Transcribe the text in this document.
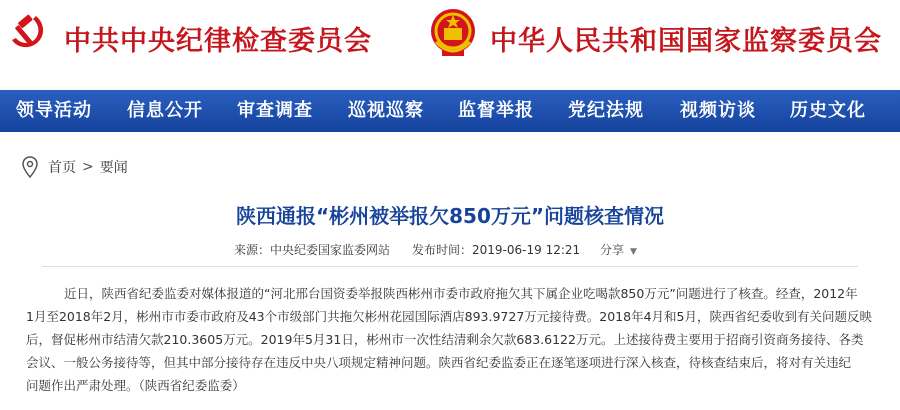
中共中央纪律检查委员会	中华人民共和国国家监察委员会
领导活动 信息公开 审查调查 巡视巡察 监督举报 党纪法规 视频访谈 历史文化
首页 > 要闻
陕西通报“彬州被举报欠850万元”问题核查情况
来源：中央纪委国家监委网站 发布时间：2019-06-19 12:21 分享 ▼
近日，陕西省纪委监委对媒体报道的“河北邢台国资委举报陕西彬州市委市政府拖欠其下属企业吃喝款850万元”问题进行了核查。经查，2012年
1月至2018年2月，彬州市市委市政府及43个市级部门共拖欠彬州花园国际酒店893.9727万元接待费。2018年4月和5月，陕西省纪委收到有关问题反映
后，督促彬州市结清欠款210.3605万元。2019年5月31日，彬州市一次性结清剩余欠款683.6122万元。上述接待费主要用于招商引资商务接待、各类
会议、一般公务接待等，但其中部分接待存在违反中央八项规定精神问题。陕西省纪委监委正在逐笔逐项进行深入核查，待核查结束后，将对有关违纪
问题作出严肃处理。（陕西省纪委监委）
